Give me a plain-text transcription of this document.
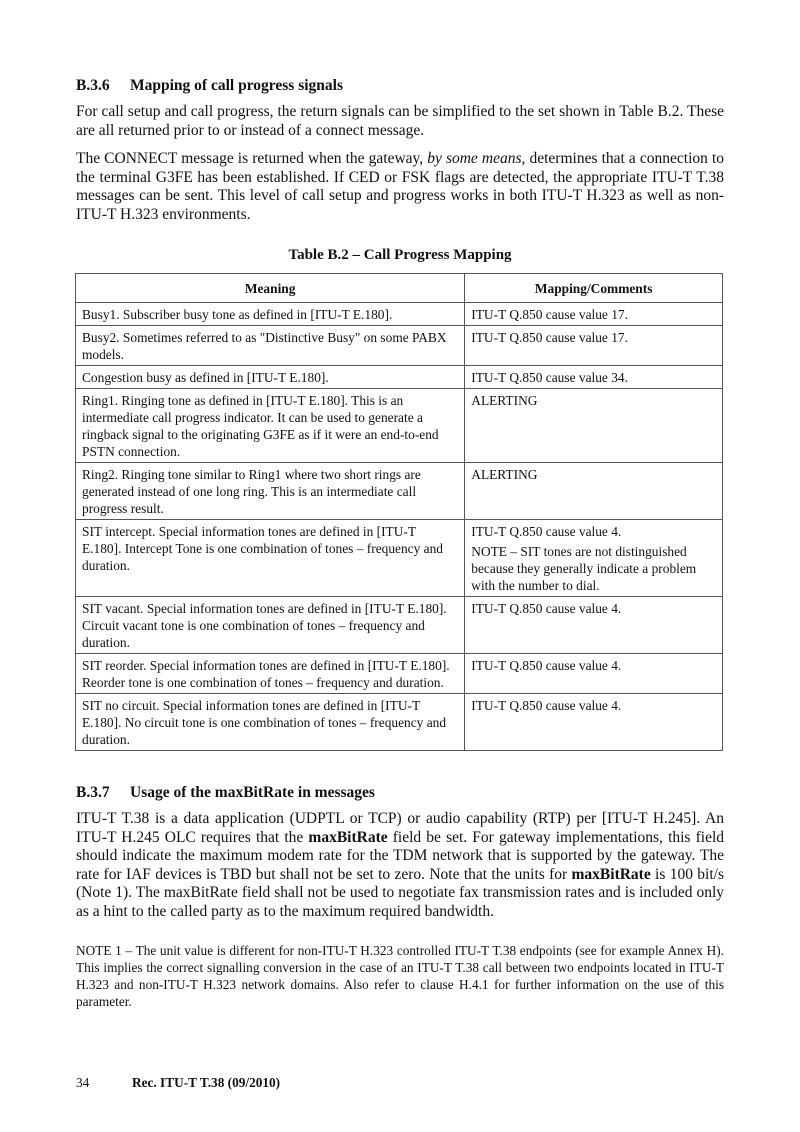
B.3.6 Mapping of call progress signals
For call setup and call progress, the return signals can be simplified to the set shown in Table B.2. These are all returned prior to or instead of a connect message.
The CONNECT message is returned when the gateway, by some means, determines that a connection to the terminal G3FE has been established. If CED or FSK flags are detected, the appropriate ITU-T T.38 messages can be sent. This level of call setup and progress works in both ITU-T H.323 as well as non-ITU-T H.323 environments.
Table B.2 – Call Progress Mapping
Meaning	Mapping/Comments
Busy1. Subscriber busy tone as defined in [ITU-T E.180].	ITU-T Q.850 cause value 17.
Busy2. Sometimes referred to as "Distinctive Busy" on some PABX models.	ITU-T Q.850 cause value 17.
Congestion busy as defined in [ITU-T E.180].	ITU-T Q.850 cause value 34.
Ring1. Ringing tone as defined in [ITU-T E.180]. This is an intermediate call progress indicator. It can be used to generate a ringback signal to the originating G3FE as if it were an end-to-end PSTN connection.	ALERTING
Ring2. Ringing tone similar to Ring1 where two short rings are generated instead of one long ring. This is an intermediate call progress result.	ALERTING
SIT intercept. Special information tones are defined in [ITU-T E.180]. Intercept Tone is one combination of tones – frequency and duration.	ITU-T Q.850 cause value 4.
NOTE – SIT tones are not distinguished because they generally indicate a problem with the number to dial.

SIT vacant. Special information tones are defined in [ITU-T E.180]. Circuit vacant tone is one combination of tones – frequency and duration.	ITU-T Q.850 cause value 4.
SIT reorder. Special information tones are defined in [ITU-T E.180]. Reorder tone is one combination of tones – frequency and duration.	ITU-T Q.850 cause value 4.
SIT no circuit. Special information tones are defined in [ITU-T E.180]. No circuit tone is one combination of tones – frequency and duration.	ITU-T Q.850 cause value 4.
B.3.7 Usage of the maxBitRate in messages
ITU-T T.38 is a data application (UDPTL or TCP) or audio capability (RTP) per [ITU-T H.245]. An ITU-T H.245 OLC requires that the maxBitRate field be set. For gateway implementations, this field should indicate the maximum modem rate for the TDM network that is supported by the gateway. The rate for IAF devices is TBD but shall not be set to zero. Note that the units for maxBitRate is 100 bit/s (Note 1). The maxBitRate field shall not be used to negotiate fax transmission rates and is included only as a hint to the called party as to the maximum required bandwidth.
NOTE 1 – The unit value is different for non-ITU-T H.323 controlled ITU-T T.38 endpoints (see for example Annex H). This implies the correct signalling conversion in the case of an ITU-T T.38 call between two endpoints located in ITU-T H.323 and non-ITU-T H.323 network domains. Also refer to clause H.4.1 for further information on the use of this parameter.
34	Rec. ITU-T T.38 (09/2010)
